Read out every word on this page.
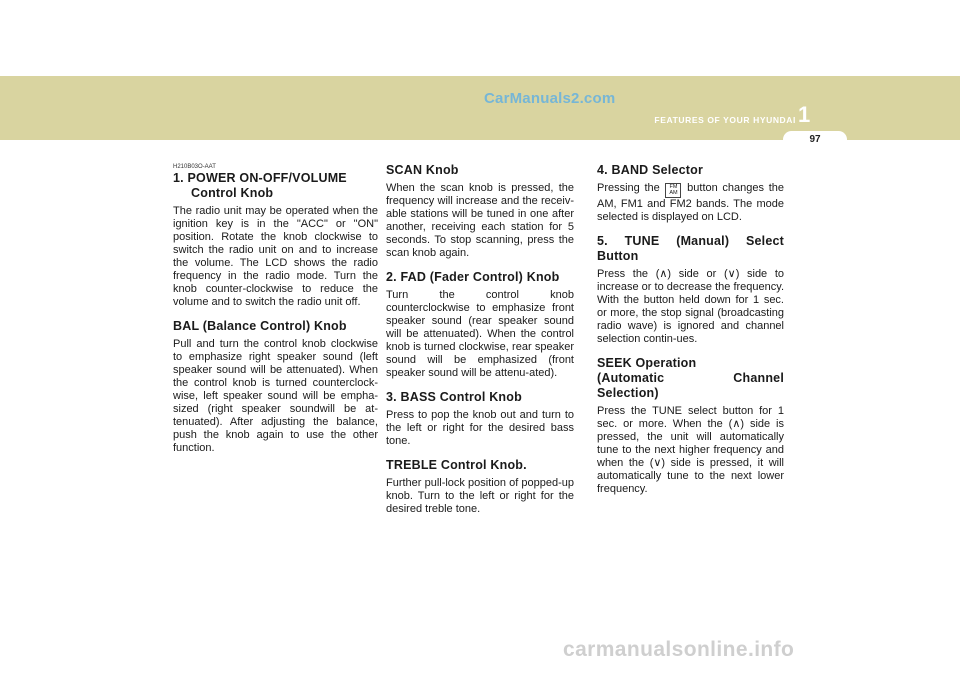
CarManuals2.com
FEATURES OF YOUR HYUNDAI 1
97

H210B03O-AAT

1. POWER ON-OFF/VOLUME
Control Knob

The radio unit may be operated when the ignition key is in the "ACC" or "ON" position. Rotate the knob clockwise to switch the radio unit on and to increase the volume. The LCD shows the radio frequency in the radio mode. Turn the knob counter-clockwise to reduce the volume and to switch the radio unit off.

BAL (Balance Control) Knob

Pull and turn the control knob clockwise to emphasize right speaker sound (left speaker sound will be attenuated). When the control knob is turned counterclock-wise, left speaker sound will be empha-sized (right speaker soundwill be at-tenuated). After adjusting the balance, push the knob again to use the other function.

SCAN Knob

When the scan knob is pressed, the frequency will increase and the receiv-able stations will be tuned in one after another, receiving each station for 5 seconds. To stop scanning, press the scan knob again.

2. FAD (Fader Control) Knob

Turn the control knob counterclockwise to emphasize front speaker sound (rear speaker sound will be attenuated). When the control knob is turned clockwise, rear speaker sound will be emphasized (front speaker sound will be attenu-ated).

3. BASS Control Knob

Press to pop the knob out and turn to the left or right for the desired bass tone.

TREBLE Control Knob.

Further pull-lock position of popped-up knob. Turn to the left or right for the desired treble tone.

4. BAND Selector

Pressing the FM
AM button changes the AM, FM1 and FM2 bands. The mode selected is displayed on LCD.

5. TUNE (Manual) Select Button

Press the (∧) side or (∨) side to increase or to decrease the frequency. With the button held down for 1 sec. or more, the stop signal (broadcasting radio wave) is ignored and channel selection contin-ues.

SEEK Operation
(Automatic Channel Selection)

Press the TUNE select button for 1 sec. or more. When the (∧) side is pressed, the unit will automatically tune to the next higher frequency and when the (∨) side is pressed, it will automatically tune to the next lower frequency.

carmanualsonline.info
